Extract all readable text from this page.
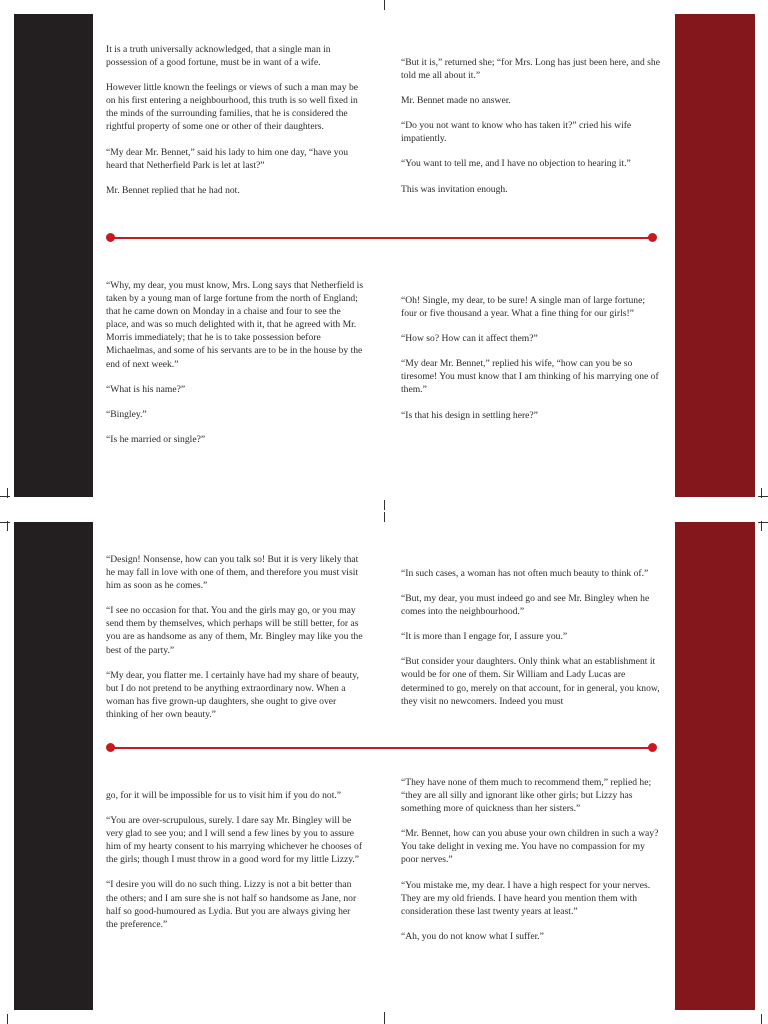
It is a truth universally acknowledged, that a single man in possession of a good fortune, must be in want of a wife.

However little known the feelings or views of such a man may be on his first entering a neighbourhood, this truth is so well fixed in the minds of the surrounding families, that he is considered the rightful property of some one or other of their daughters.

“My dear Mr. Bennet,” said his lady to him one day, “have you heard that Netherfield Park is let at last?”

Mr. Bennet replied that he had not.

“But it is,” returned she; “for Mrs. Long has just been here, and she told me all about it.”

Mr. Bennet made no answer.

“Do you not want to know who has taken it?” cried his wife impatiently.

“You want to tell me, and I have no objection to hearing it.”

This was invitation enough.

“Why, my dear, you must know, Mrs. Long says that Netherfield is taken by a young man of large fortune from the north of England; that he came down on Monday in a chaise and four to see the place, and was so much delighted with it, that he agreed with Mr. Morris immediately; that he is to take possession before Michaelmas, and some of his servants are to be in the house by the end of next week.”

“What is his name?”

“Bingley.”

“Is he married or single?”

“Oh! Single, my dear, to be sure! A single man of large fortune; four or five thousand a year. What a fine thing for our girls!”

“How so? How can it affect them?”

“My dear Mr. Bennet,” replied his wife, “how can you be so tiresome! You must know that I am thinking of his marrying one of them.”

“Is that his design in settling here?”

“Design! Nonsense, how can you talk so! But it is very likely that he may fall in love with one of them, and therefore you must visit him as soon as he comes.”

“I see no occasion for that. You and the girls may go, or you may send them by themselves, which perhaps will be still better, for as you are as handsome as any of them, Mr. Bingley may like you the best of the party.”

“My dear, you flatter me. I certainly have had my share of beauty, but I do not pretend to be anything extraordinary now. When a woman has five grown-up daughters, she ought to give over thinking of her own beauty.”

“In such cases, a woman has not often much beauty to think of.”

“But, my dear, you must indeed go and see Mr. Bingley when he comes into the neighbourhood.”

“It is more than I engage for, I assure you.”

“But consider your daughters. Only think what an establishment it would be for one of them. Sir William and Lady Lucas are determined to go, merely on that account, for in general, you know, they visit no newcomers. Indeed you must

go, for it will be impossible for us to visit him if you do not.”

“You are over-scrupulous, surely. I dare say Mr. Bingley will be very glad to see you; and I will send a few lines by you to assure him of my hearty consent to his marrying whichever he chooses of the girls; though I must throw in a good word for my little Lizzy.”

“I desire you will do no such thing. Lizzy is not a bit better than the others; and I am sure she is not half so handsome as Jane, nor half so good-humoured as Lydia. But you are always giving her the preference.”

“They have none of them much to recommend them,” replied he; “they are all silly and ignorant like other girls; but Lizzy has something more of quickness than her sisters.”

“Mr. Bennet, how can you abuse your own children in such a way? You take delight in vexing me. You have no compassion for my poor nerves.”

“You mistake me, my dear. I have a high respect for your nerves. They are my old friends. I have heard you mention them with consideration these last twenty years at least.”

“Ah, you do not know what I suffer.”
